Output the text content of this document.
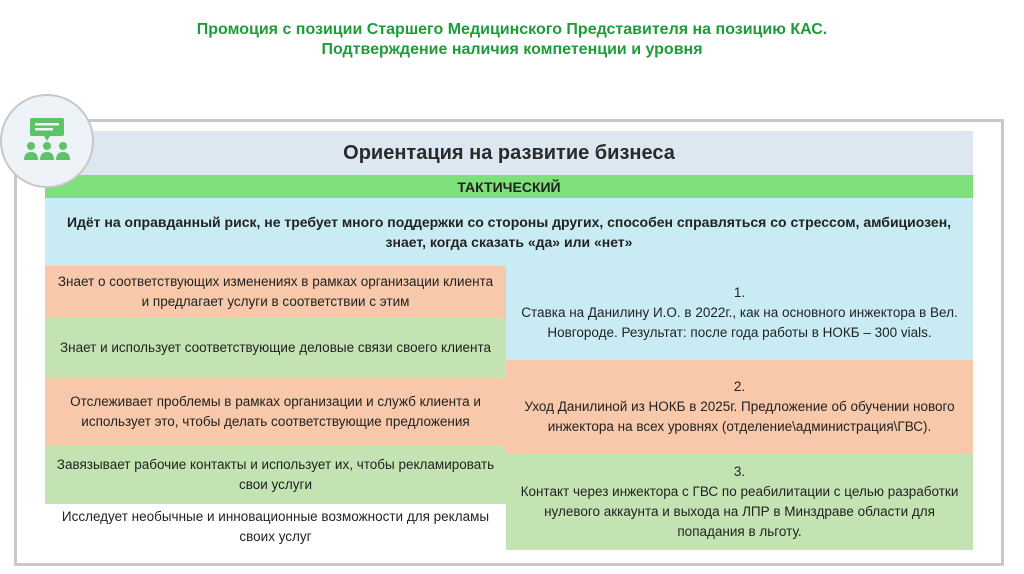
Промоция с позиции Старшего Медицинского Представителя на позицию КАС.
Подтверждение наличия компетенции и уровня
Ориентация на развитие бизнеса
ТАКТИЧЕСКИЙ
Идёт на оправданный риск, не требует много поддержки со стороны других, способен справляться со стрессом, амбициозен, знает, когда сказать «да» или «нет»
Знает о соответствующих изменениях в рамках организации клиента и предлагает услуги в соответствии с этим
Знает и использует соответствующие деловые связи своего клиента
Отслеживает проблемы в рамках организации и служб клиента и использует это, чтобы делать соответствующие предложения
Завязывает рабочие контакты и использует их, чтобы рекламировать свои услуги
Исследует необычные и инновационные возможности для рекламы своих услуг
1.
Ставка на Данилину И.О. в 2022г., как на основного инжектора в Вел. Новгороде. Результат: после года работы в НОКБ – 300 vials.
2.
Уход Данилиной из НОКБ в 2025г. Предложение об обучении нового инжектора на всех уровнях (отделение\администрация\ГВС).
3.
Контакт через инжектора с ГВС по реабилитации с целью разработки нулевого аккаунта и выхода на ЛПР в Минздраве области для попадания в льготу.
